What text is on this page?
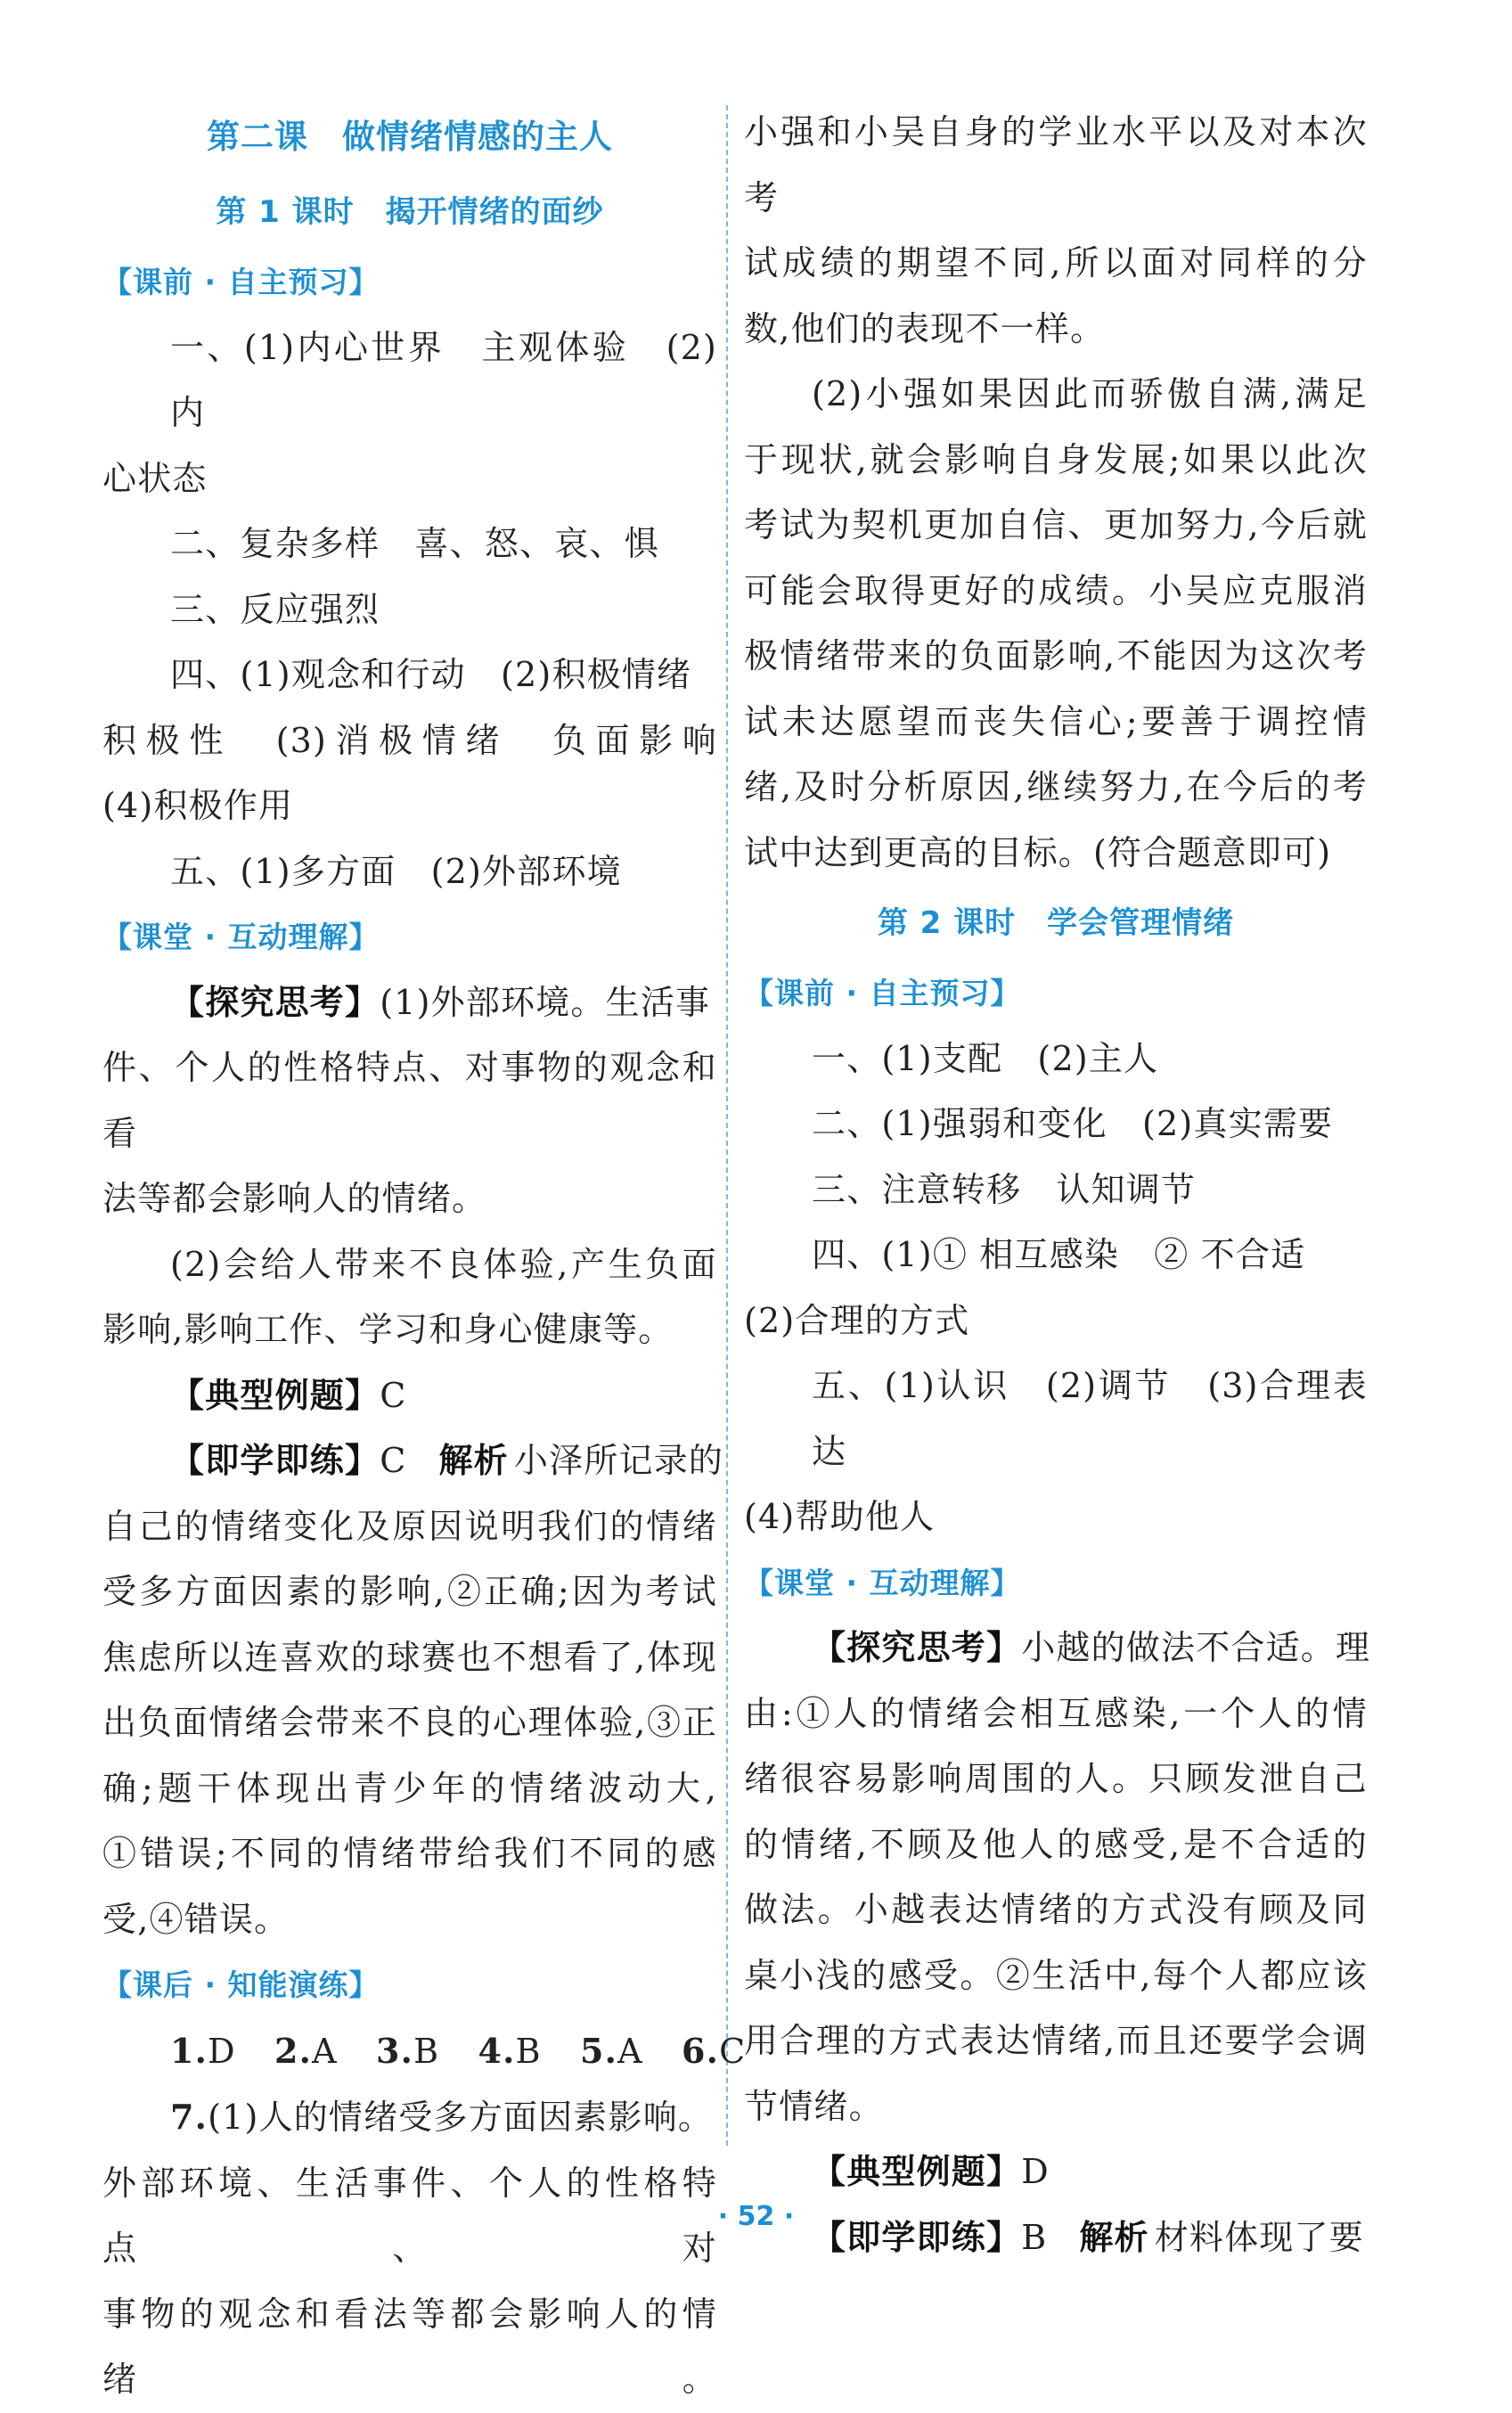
第二课　做情绪情感的主人
第 1 课时　揭开情绪的面纱
【课前 · 自主预习】

一、(1)内心世界　主观体验　(2)内

心状态

二、复杂多样　喜、怒、哀、惧

三、反应强烈

四、(1)观念和行动　(2)积极情绪

积极性　(3)消极情绪　负面影响

(4)积极作用

五、(1)多方面　(2)外部环境

【课堂 · 互动理解】

【探究思考】(1)外部环境。生活事

件、个人的性格特点、对事物的观念和看

法等都会影响人的情绪。

(2)会给人带来不良体验,产生负面

影响,影响工作、学习和身心健康等。

【典型例题】C

【即学即练】C 解析 小泽所记录的

自己的情绪变化及原因说明我们的情绪

受多方面因素的影响,②正确;因为考试

焦虑所以连喜欢的球赛也不想看了,体现

出负面情绪会带来不良的心理体验,③正

确;题干体现出青少年的情绪波动大,

①错误;不同的情绪带给我们不同的感

受,④错误。

【课后 · 知能演练】

1.D 2.A 3.B 4.B 5.A 6.C

7.(1)人的情绪受多方面因素影响。

外部环境、生活事件、个人的性格特点、对

事物的观念和看法等都会影响人的情绪。

小强和小吴自身的学业水平以及对本次考

试成绩的期望不同,所以面对同样的分

数,他们的表现不一样。

(2)小强如果因此而骄傲自满,满足

于现状,就会影响自身发展;如果以此次

考试为契机更加自信、更加努力,今后就

可能会取得更好的成绩。小吴应克服消

极情绪带来的负面影响,不能因为这次考

试未达愿望而丧失信心;要善于调控情

绪,及时分析原因,继续努力,在今后的考

试中达到更高的目标。(符合题意即可)

第 2 课时　学会管理情绪
【课前 · 自主预习】

一、(1)支配　(2)主人

二、(1)强弱和变化　(2)真实需要

三、注意转移　认知调节

四、(1)① 相互感染　② 不合适

(2)合理的方式

五、(1)认识　(2)调节　(3)合理表达

(4)帮助他人

【课堂 · 互动理解】

【探究思考】小越的做法不合适。理

由:①人的情绪会相互感染,一个人的情

绪很容易影响周围的人。只顾发泄自己

的情绪,不顾及他人的感受,是不合适的

做法。小越表达情绪的方式没有顾及同

桌小浅的感受。②生活中,每个人都应该

用合理的方式表达情绪,而且还要学会调

节情绪。

【典型例题】D

【即学即练】B 解析 材料体现了要

· 52 ·
